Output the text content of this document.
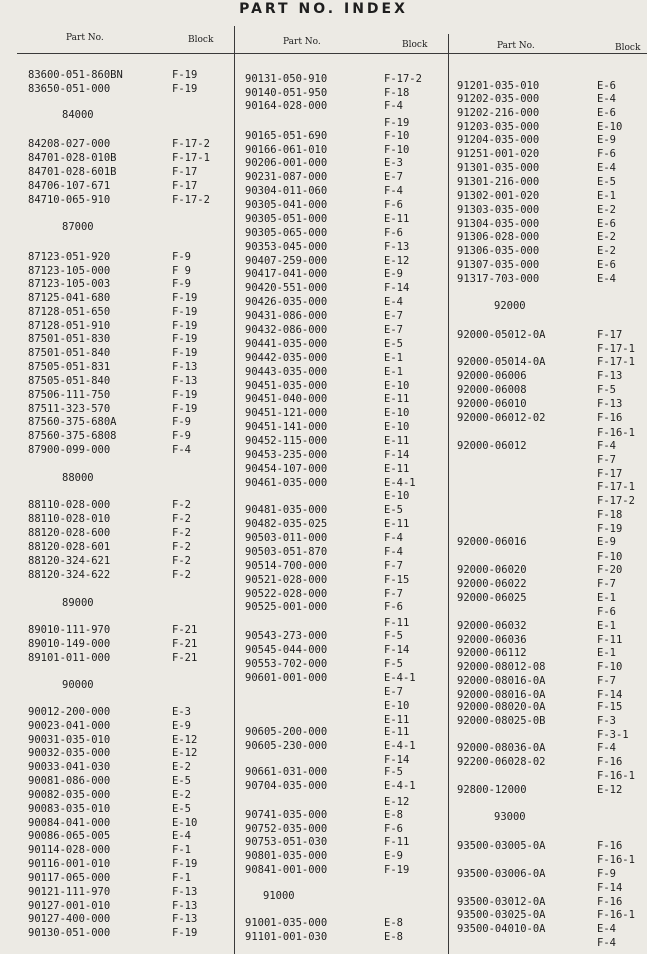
PART NO. INDEX
Part No.	Block	Part No.	Block	Part No.	Block
83600-051-860BN	F-19
83650-051-000	F-19
84000
84208-027-000	F-17-2
84701-028-010B	F-17-1
84701-028-601B	F-17
84706-107-671	F-17
84710-065-910	F-17-2
87000
87123-051-920	F-9
87123-105-000	F 9
87123-105-003	F-9
87125-041-680	F-19
87128-051-650	F-19
87128-051-910	F-19
87501-051-830	F-19
87501-051-840	F-19
87505-051-831	F-13
87505-051-840	F-13
87506-111-750	F-19
87511-323-570	F-19
87560-375-680A	F-9
87560-375-6808	F-9
87900-099-000	F-4
88000
88110-028-000	F-2
88110-028-010	F-2
88120-028-600	F-2
88120-028-601	F-2
88120-324-621	F-2
88120-324-622	F-2
89000
89010-111-970	F-21
89010-149-000	F-21
89101-011-000	F-21
90000
90012-200-000	E-3
90023-041-000	E-9
90031-035-010	E-12
90032-035-000	E-12
90033-041-030	E-2
90081-086-000	E-5
90082-035-000	E-2
90083-035-010	E-5
90084-041-000	E-10
90086-065-005	E-4
90114-028-000	F-1
90116-001-010	F-19
90117-065-000	F-1
90121-111-970	F-13
90127-001-010	F-13
90127-400-000	F-13
90130-051-000	F-19
90131-050-910	F-17-2
90140-051-950	F-18
90164-028-000	F-4
F-19
90165-051-690	F-10
90166-061-010	F-10
90206-001-000	E-3
90231-087-000	E-7
90304-011-060	F-4
90305-041-000	F-6
90305-051-000	E-11
90305-065-000	F-6
90353-045-000	F-13
90407-259-000	E-12
90417-041-000	E-9
90420-551-000	F-14
90426-035-000	E-4
90431-086-000	E-7
90432-086-000	E-7
90441-035-000	E-5
90442-035-000	E-1
90443-035-000	E-1
90451-035-000	E-10
90451-040-000	E-11
90451-121-000	E-10
90451-141-000	E-10
90452-115-000	E-11
90453-235-000	F-14
90454-107-000	E-11
90461-035-000	E-4-1
E-10
90481-035-000	E-5
90482-035-025	E-11
90503-011-000	F-4
90503-051-870	F-4
90514-700-000	F-7
90521-028-000	F-15
90522-028-000	F-7
90525-001-000	F-6
F-11
90543-273-000	F-5
90545-044-000	F-14
90553-702-000	F-5
90601-001-000	E-4-1
E-7
E-10
E-11
90605-200-000	E-11
90605-230-000	E-4-1
F-14
90661-031-000	F-5
90704-035-000	E-4-1
E-12
90741-035-000	E-8
90752-035-000	F-6
90753-051-030	F-11
90801-035-000	E-9
90841-001-000	F-19
91000
91001-035-000	E-8
91101-001-030	E-8
91201-035-010	E-6
91202-035-000	E-4
91202-216-000	E-6
91203-035-000	E-10
91204-035-000	E-9
91251-001-020	F-6
91301-035-000	E-4
91301-216-000	E-5
91302-001-020	E-1
91303-035-000	E-2
91304-035-000	E-6
91306-028-000	E-2
91306-035-000	E-2
91307-035-000	E-6
91317-703-000	E-4
92000
92000-05012-0A	F-17
F-17-1
92000-05014-0A	F-17-1
92000-06006	F-13
92000-06008	F-5
92000-06010	F-13
92000-06012-02	F-16
F-16-1
92000-06012	F-4
F-7
F-17
F-17-1
F-17-2
F-18
F-19
92000-06016	E-9
F-10
92000-06020	F-20
92000-06022	F-7
92000-06025	E-1
F-6
92000-06032	E-1
92000-06036	F-11
92000-06112	E-1
92000-08012-08	F-10
92000-08016-0A	F-7
92000-08016-0A	F-14
92000-08020-0A	F-15
92000-08025-0B	F-3
F-3-1
92000-08036-0A	F-4
92200-06028-02	F-16
F-16-1
92800-12000	E-12
93000
93500-03005-0A	F-16
F-16-1
93500-03006-0A	F-9
F-14
93500-03012-0A	F-16
93500-03025-0A	F-16-1
93500-04010-0A	E-4
F-4
